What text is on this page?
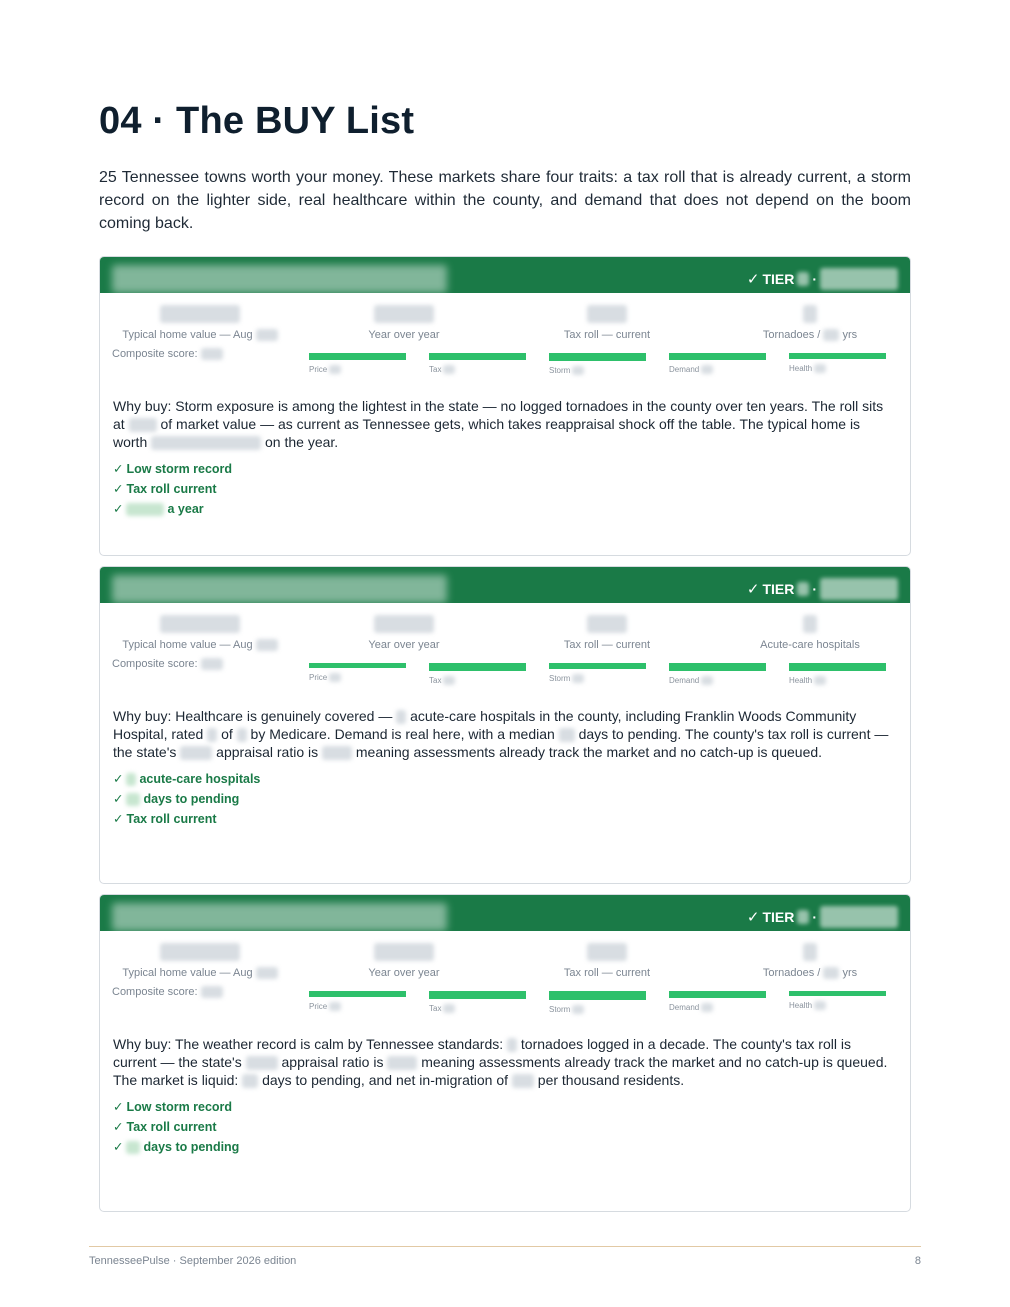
04 · The BUY List

25 Tennessee towns worth your money. These markets share four traits: a tax roll that is already current, a storm record on the lighter side, real healthcare within the county, and demand that does not depend on the boom coming back.

✓ TIER ·
Typical home value — Aug	Year over year	Tax roll — current	Tornadoes / yrs
Composite score:
Price	Tax	Storm	Demand	Health
Why buy: Storm exposure is among the lightest in the state — no logged tornadoes in the county over ten years. The roll sits at	of market value — as current as Tennessee gets, which takes reappraisal shock off the table. The typical home is worth	on the year.
✓ Low storm record
✓ Tax roll current
✓	a year
✓ TIER ·
Typical home value — Aug	Year over year	Tax roll — current	Acute-care hospitals
Composite score:
Price	Tax	Storm	Demand	Health
Why buy: Healthcare is genuinely covered — acute-care hospitals in the county, including Franklin Woods Community Hospital, rated of by Medicare. Demand is real here, with a median days to pending. The county's tax roll is current — the state's	appraisal ratio is	meaning assessments already track the market and no catch-up is queued.
✓ acute-care hospitals
✓ days to pending
✓ Tax roll current
✓ TIER ·
Typical home value — Aug	Year over year	Tax roll — current	Tornadoes / yrs
Composite score:
Price	Tax	Storm	Demand	Health
Why buy: The weather record is calm by Tennessee standards: tornadoes logged in a decade. The county's tax roll is current — the state's	appraisal ratio is	meaning assessments already track the market and no catch-up is queued. The market is liquid: days to pending, and net in-migration of per thousand residents.
✓ Low storm record
✓ Tax roll current
✓ days to pending
TennesseePulse · September 2026 edition	8
